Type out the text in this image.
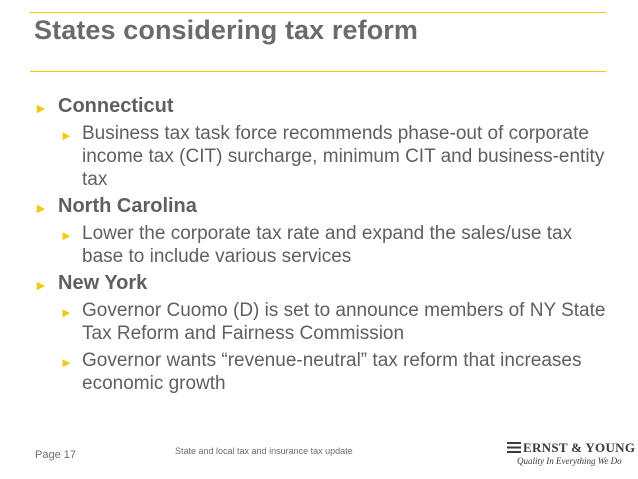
States considering tax reform
► Connecticut
► Business tax task force recommends phase-out of corporate income tax (CIT) surcharge, minimum CIT and business-entity tax
► North Carolina
► Lower the corporate tax rate and expand the sales/use tax base to include various services
► New York
► Governor Cuomo (D) is set to announce members of NY State Tax Reform and Fairness Commission
► Governor wants “revenue-neutral” tax reform that increases economic growth
Page 17	State and local tax and insurance tax update	ERNST & YOUNG
Quality In Everything We Do
